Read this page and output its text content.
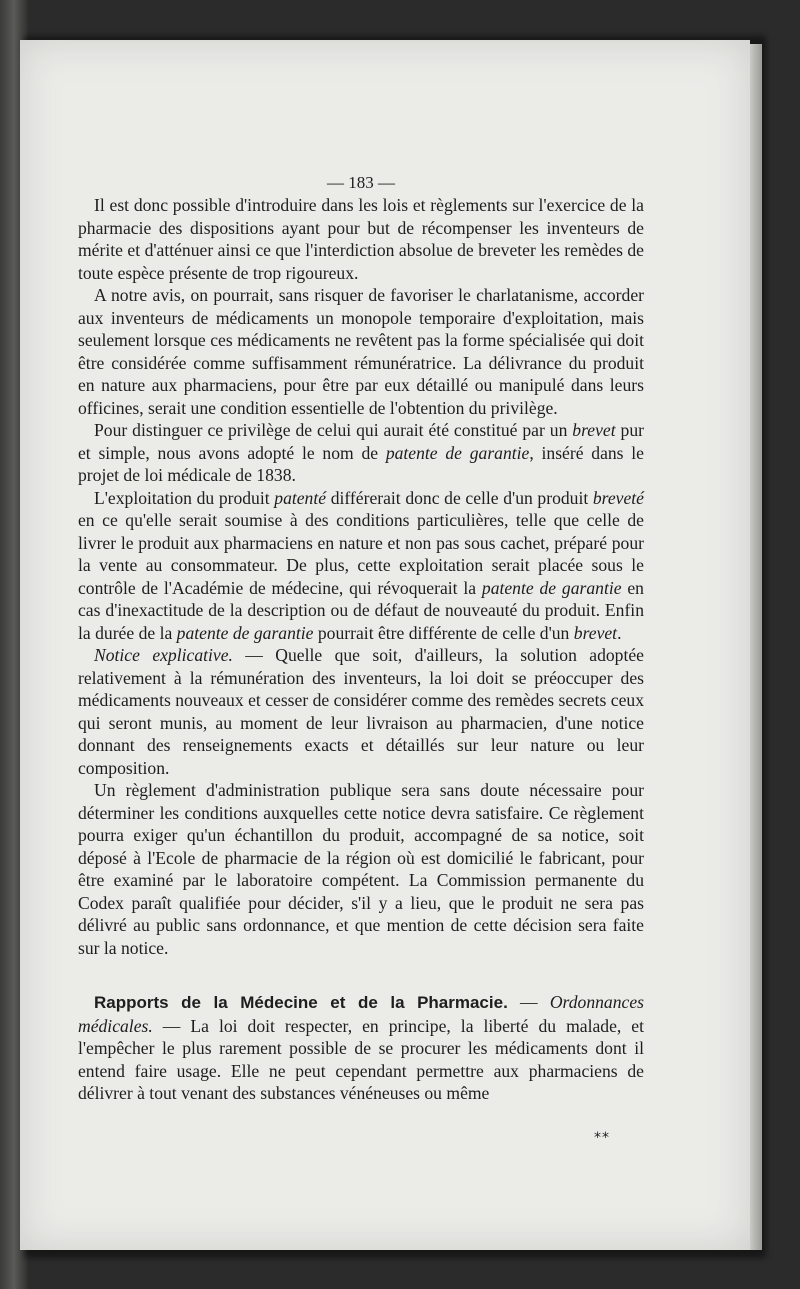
— 183 —

Il est donc possible d'introduire dans les lois et règlements sur l'exercice de la pharmacie des dispositions ayant pour but de récompenser les inventeurs de mérite et d'atténuer ainsi ce que l'interdiction absolue de breveter les remèdes de toute espèce présente de trop rigoureux.

A notre avis, on pourrait, sans risquer de favoriser le charlatanisme, accorder aux inventeurs de médicaments un monopole temporaire d'exploitation, mais seulement lorsque ces médicaments ne revêtent pas la forme spécialisée qui doit être considérée comme suffisamment rémunératrice. La délivrance du produit en nature aux pharmaciens, pour être par eux détaillé ou manipulé dans leurs officines, serait une condition essentielle de l'obtention du privilège.

Pour distinguer ce privilège de celui qui aurait été constitué par un brevet pur et simple, nous avons adopté le nom de patente de garantie, inséré dans le projet de loi médicale de 1838.

L'exploitation du produit patenté différerait donc de celle d'un produit breveté en ce qu'elle serait soumise à des conditions particulières, telle que celle de livrer le produit aux pharmaciens en nature et non pas sous cachet, préparé pour la vente au consommateur. De plus, cette exploitation serait placée sous le contrôle de l'Académie de médecine, qui révoquerait la patente de garantie en cas d'inexactitude de la description ou de défaut de nouveauté du produit. Enfin la durée de la patente de garantie pourrait être différente de celle d'un brevet.

Notice explicative. — Quelle que soit, d'ailleurs, la solution adoptée relativement à la rémunération des inventeurs, la loi doit se préoccuper des médicaments nouveaux et cesser de considérer comme des remèdes secrets ceux qui seront munis, au moment de leur livraison au pharmacien, d'une notice donnant des renseignements exacts et détaillés sur leur nature ou leur composition.

Un règlement d'administration publique sera sans doute nécessaire pour déterminer les conditions auxquelles cette notice devra satisfaire. Ce règlement pourra exiger qu'un échantillon du produit, accompagné de sa notice, soit déposé à l'Ecole de pharmacie de la région où est domicilié le fabricant, pour être examiné par le laboratoire compétent. La Commission permanente du Codex paraît qualifiée pour décider, s'il y a lieu, que le produit ne sera pas délivré au public sans ordonnance, et que mention de cette décision sera faite sur la notice.

Rapports de la Médecine et de la Pharmacie. — Ordonnances médicales. — La loi doit respecter, en principe, la liberté du malade, et l'empêcher le plus rarement possible de se procurer les médicaments dont il entend faire usage. Elle ne peut cependant permettre aux pharmaciens de délivrer à tout venant des substances vénéneuses ou même

**
